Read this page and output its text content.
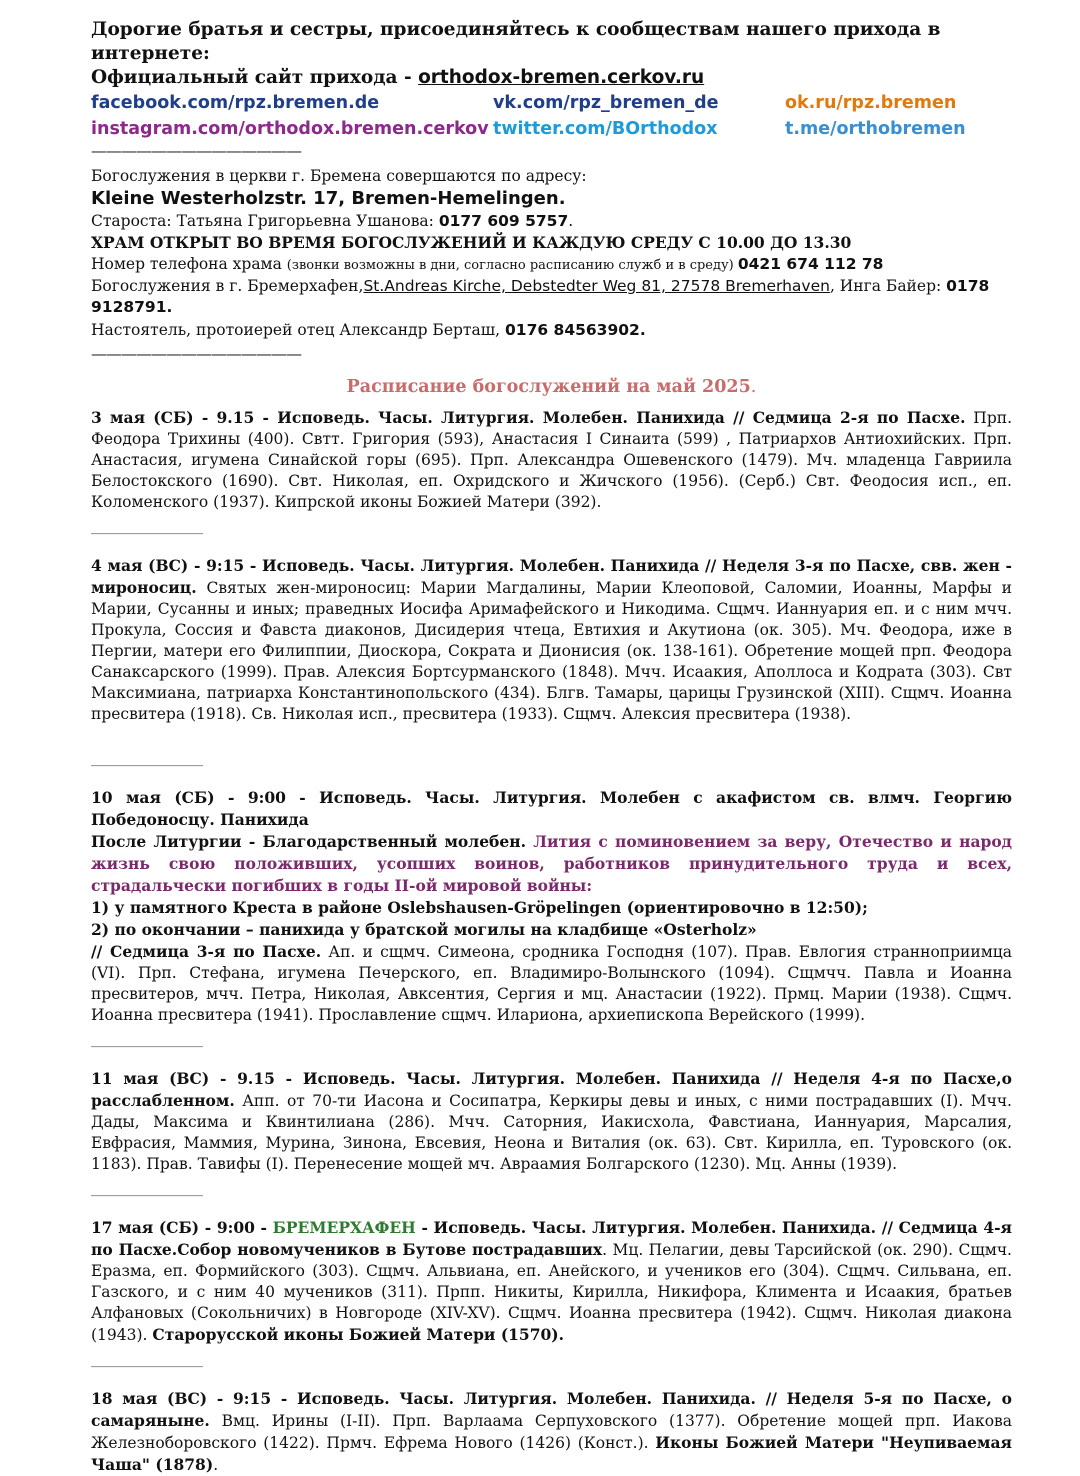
Дорогие братья и сестры, присоединяйтесь к сообществам нашего прихода в интернете:
Официальный сайт прихода - orthodox-bremen.cerkov.ru
facebook.com/rpz.bremen.de	vk.com/rpz_bremen_de	ok.ru/rpz.bremen
instagram.com/orthodox.bremen.cerkov twitter.com/BOrthodox	t.me/orthobremen
——————————————
Богослужения в церкви г. Бремена совершаются по адресу:
Kleine Westerholzstr. 17, Bremen-Hemelingen.
Староста: Татьяна Григорьевна Ушанова: 0177 609 5757.
ХРАМ ОТКРЫТ ВО ВРЕМЯ БОГОСЛУЖЕНИЙ И КАЖДУЮ СРЕДУ С 10.00 ДО 13.30
Номер телефона храма (звонки возможны в дни, согласно расписанию служб и в среду) 0421 674 112 78
Богослужения в г. Бремерхафен,St.Andreas Kirche, Debstedter Weg 81, 27578 Bremerhaven, Инга Байер: 0178 9128791.
Настоятель, протоиерей отец Александр Берташ, 0176 84563902.
——————————————
Расписание богослужений на май 2025.
3 мая (СБ) - 9.15 - Исповедь. Часы. Литургия. Молебен. Панихида // Седмица 2-я по Пасхе. Прп. Феодора Трихины (400). Свтт. Григория (593), Анастасия I Синаита (599) , Патриархов Антиохийских. Прп. Анастасия, игумена Синайской горы (695). Прп. Александра Ошевенского (1479). Мч. младенца Гавриила Белостокского (1690). Свт. Николая, еп. Охридского и Жичского (1956). (Серб.) Свт. Феодосия исп., еп. Коломенского (1937). Кипрской иконы Божией Матери (392).
________________
4 мая (ВС) - 9:15 - Исповедь. Часы. Литургия. Молебен. Панихида // Неделя 3-я по Пасхе, свв. жен - мироносиц. Святых жен-мироносиц: Марии Магдалины, Марии Клеоповой, Саломии, Иоанны, Марфы и Марии, Сусанны и иных; праведных Иосифа Аримафейского и Никодима. Сщмч. Ианнуария еп. и с ним мчч. Прокула, Соссия и Фавста диаконов, Дисидерия чтеца, Евтихия и Акутиона (ок. 305). Мч. Феодора, иже в Пергии, матери его Филиппии, Диоскора, Сократа и Дионисия (ок. 138-161). Обретение мощей прп. Феодора Санаксарского (1999). Прав. Алексия Бортсурманского (1848). Мчч. Исаакия, Аполлоса и Кодрата (303). Свт Максимиана, патриарха Константинопольского (434). Блгв. Тамары, царицы Грузинской (XIII). Сщмч. Иоанна пресвитера (1918). Св. Николая исп., пресвитера (1933). Сщмч. Алексия пресвитера (1938).
________________
10 мая (СБ) - 9:00 - Исповедь. Часы. Литургия. Молебен с акафистом св. влмч. Георгию Победоносцу. Панихида
После Литургии - Благодарственный молебен. Лития с поминовением за веру, Отечество и народ жизнь свою положивших, усопших воинов, работников принудительного труда и всех, страдальчески погибших в годы II-ой мировой войны:
1) у памятного Креста в районе Oslebshausen-Gröpelingen (ориентировочно в 12:50);
2) по окончании – панихида у братской могилы на кладбище «Osterholz»
// Седмица 3-я по Пасхе. Ап. и сщмч. Симеона, сродника Господня (107). Прав. Евлогия странноприимца (VI). Прп. Стефана, игумена Печерского, еп. Владимиро-Волынского (1094). Сщмчч. Павла и Иоанна пресвитеров, мчч. Петра, Николая, Авксентия, Сергия и мц. Анастасии (1922). Прмц. Марии (1938). Сщмч. Иоанна пресвитера (1941). Прославление сщмч. Илариона, архиепископа Верейского (1999).
________________
11 мая (ВС) - 9.15 - Исповедь. Часы. Литургия. Молебен. Панихида // Неделя 4-я по Пасхе,о расслабленном. Апп. от 70-ти Иасона и Сосипатра, Керкиры девы и иных, с ними пострадавших (I). Мчч. Дады, Максима и Квинтилиана (286). Мчч. Саторния, Иакисхола, Фавстиана, Ианнуария, Марсалия, Евфрасия, Маммия, Мурина, Зинона, Евсевия, Неона и Виталия (ок. 63). Свт. Кирилла, еп. Туровского (ок. 1183). Прав. Тавифы (I). Перенесение мощей мч. Авраамия Болгарского (1230). Мц. Анны (1939).
________________
17 мая (СБ) - 9:00 - БРЕМЕРХАФЕН - Исповедь. Часы. Литургия. Молебен. Панихида. // Седмица 4-я по Пасхе.Собор новомучеников в Бутове пострадавших. Мц. Пелагии, девы Тарсийской (ок. 290). Сщмч. Еразма, еп. Формийского (303). Сщмч. Альвиана, еп. Анейского, и учеников его (304). Сщмч. Сильвана, еп. Газского, и с ним 40 мучеников (311). Прпп. Никиты, Кирилла, Никифора, Климента и Исаакия, братьев Алфановых (Сокольничих) в Новгороде (XIV-XV). Сщмч. Иоанна пресвитера (1942). Сщмч. Николая диакона (1943). Старорусской иконы Божией Матери (1570).
________________
18 мая (ВС) - 9:15 - Исповедь. Часы. Литургия. Молебен. Панихида. // Неделя 5-я по Пасхе, о самаряныне. Вмц. Ирины (I-II). Прп. Варлаама Серпуховского (1377). Обретение мощей прп. Иакова Железноборовского (1422). Прмч. Ефрема Нового (1426) (Конст.). Иконы Божией Матери "Неупиваемая Чаша" (1878).
